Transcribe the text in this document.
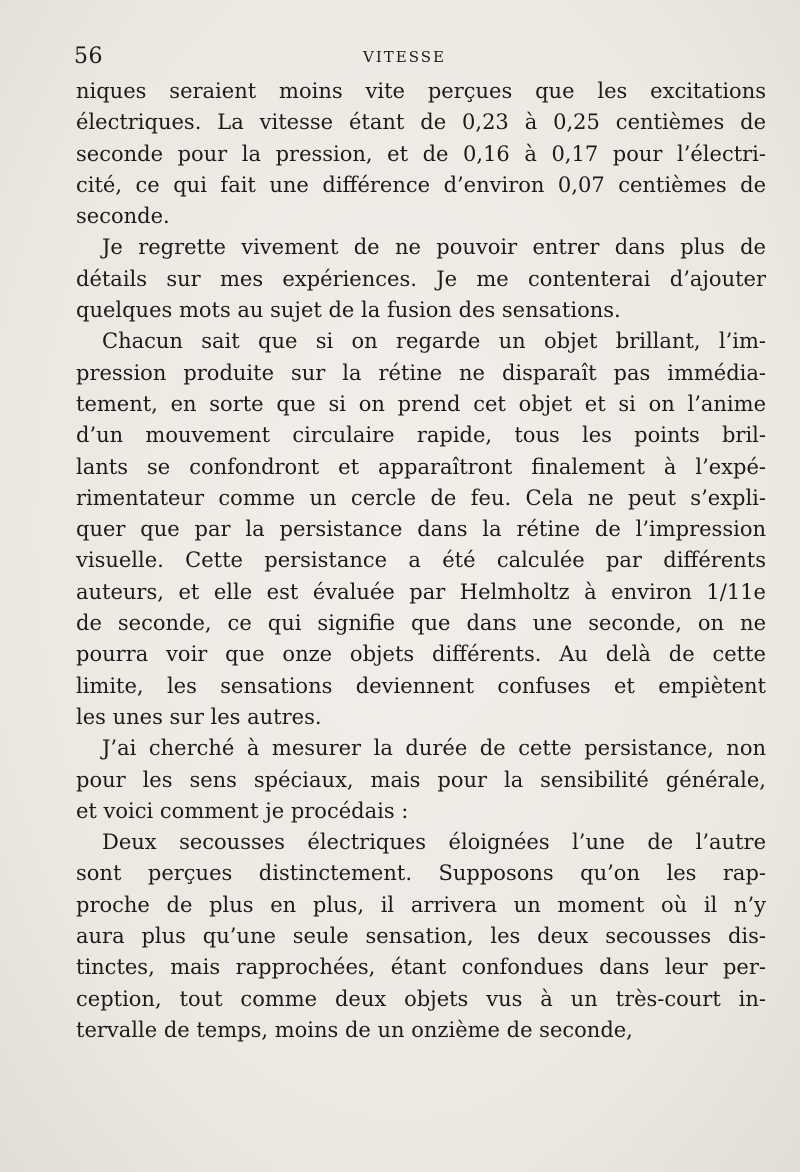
56	VITESSE

niques seraient moins vite perçues que les excitations
électriques. La vitesse étant de 0,23 à 0,25 centièmes de
seconde pour la pression, et de 0,16 à 0,17 pour l’électri-
cité, ce qui fait une différence d’environ 0,07 centièmes de
seconde.

Je regrette vivement de ne pouvoir entrer dans plus de
détails sur mes expériences. Je me contenterai d’ajouter
quelques mots au sujet de la fusion des sensations.

Chacun sait que si on regarde un objet brillant, l’im-
pression produite sur la rétine ne disparaît pas immédia-
tement, en sorte que si on prend cet objet et si on l’anime
d’un mouvement circulaire rapide, tous les points bril-
lants se confondront et apparaîtront finalement à l’expé-
rimentateur comme un cercle de feu. Cela ne peut s’expli-
quer que par la persistance dans la rétine de l’impression
visuelle. Cette persistance a été calculée par différents
auteurs, et elle est évaluée par Helmholtz à environ 1/11e
de seconde, ce qui signifie que dans une seconde, on ne
pourra voir que onze objets différents. Au delà de cette
limite, les sensations deviennent confuses et empiètent
les unes sur les autres.

J’ai cherché à mesurer la durée de cette persistance, non
pour les sens spéciaux, mais pour la sensibilité générale,
et voici comment je procédais :

Deux secousses électriques éloignées l’une de l’autre
sont perçues distinctement. Supposons qu’on les rap-
proche de plus en plus, il arrivera un moment où il n’y
aura plus qu’une seule sensation, les deux secousses dis-
tinctes, mais rapprochées, étant confondues dans leur per-
ception, tout comme deux objets vus à un très-court in-
tervalle de temps, moins de un onzième de seconde,
